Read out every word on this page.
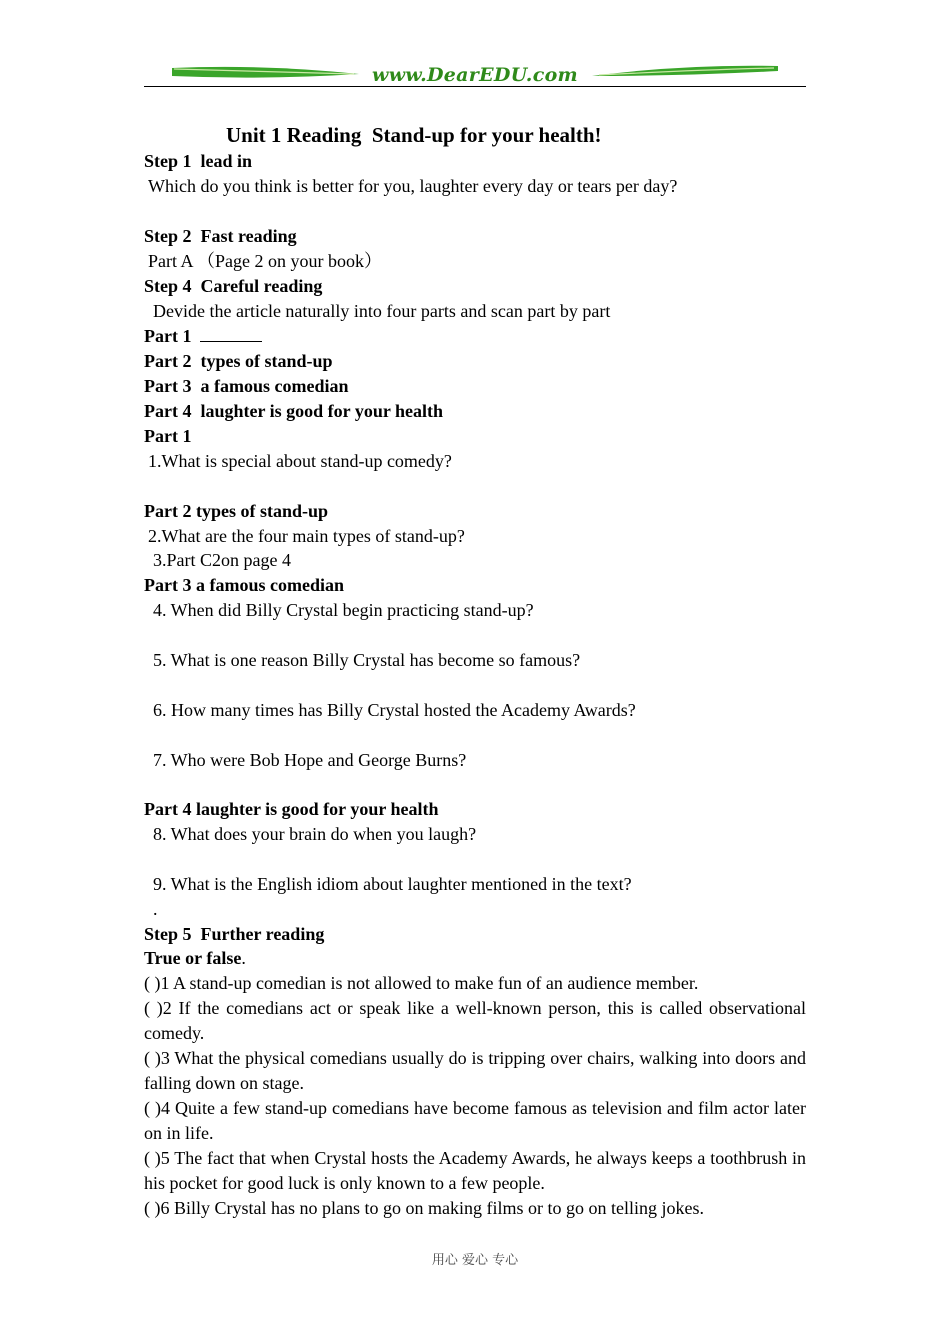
www.DearEDU.com
Unit 1 Reading  Stand-up for your health!
Step 1  lead in
Which do you think is better for you, laughter every day or tears per day?
Step 2  Fast reading
Part A （Page 2 on your book）
Step 4  Careful reading
Devide the article naturally into four parts and scan part by part
Part 1
Part 2  types of stand-up
Part 3  a famous comedian
Part 4  laughter is good for your health
Part 1
1.What is special about stand-up comedy?
Part 2 types of stand-up
2.What are the four main types of stand-up?
3.Part C2on page 4
Part 3 a famous comedian
4. When did Billy Crystal begin practicing stand-up?
5. What is one reason Billy Crystal has become so famous?
6. How many times has Billy Crystal hosted the Academy Awards?
7. Who were Bob Hope and George Burns?
Part 4 laughter is good for your health
8. What does your brain do when you laugh?
9. What is the English idiom about laughter mentioned in the text?
.
Step 5  Further reading
True or false.
( )1 A stand-up comedian is not allowed to make fun of an audience member.
( )2 If the comedians act or speak like a well-known person, this is called observational comedy.
( )3 What the physical comedians usually do is tripping over chairs, walking into doors and falling down on stage.
( )4 Quite a few stand-up comedians have become famous as television and film actor later on in life.
( )5 The fact that when Crystal hosts the Academy Awards, he always keeps a toothbrush in his pocket for good luck is only known to a few people.
( )6 Billy Crystal has no plans to go on making films or to go on telling jokes.
用心 爱心 专心
